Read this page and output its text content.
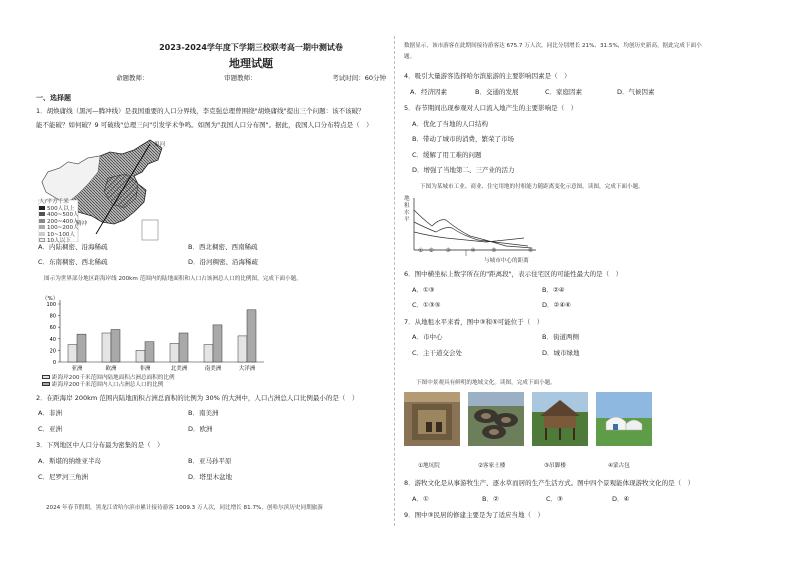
2023-2024学年度下学期三校联考高一期中测试卷
地理试题
命题教师：	审题教师：	考试时间：60分钟
一、选择题
1．胡焕庸线（黑河—腾冲线）是我国重要的人口分界线，李克强总理曾围绕"胡焕庸线"提出三个问题：该不该破？
能不能破？如何破？9 可破线"总理三问"引发学术争鸣。如图为"我国人口分布图"。据此，我国人口分布特点是（　）
人/平方千米
500人以上
400~500人
200~400人
100~200人
10~100人
10人以下
黑河
腾冲
A．内陆稠密、沿海稀疏	B．西北稠密、西南稀疏
C．东南稠密、西北稀疏	D．沿河稠密、沿海稀疏
图示为世界部分地区距海岸线 200km 范围内的陆地面积和人口占该洲总人口的比例图，完成下面小题。
（%）
0
20
40
60
80
100
亚洲	欧洲	非洲	北美洲	南美洲	大洋洲
距海岸200千米范围内陆地面积占洲总面积的比例
距海岸200千米范围内人口占洲总人口的比例
2．在距海岸 200km 范围内陆地面积占洲总面积的比例为 30% 的大洲中，人口占洲总人口比例最小的是（　）
A．非洲	B．南美洲
C．亚洲	D．欧洲
3．下列地区中人口分布最为密集的是（　）
A．斯堪的纳维亚半岛	B．亚马孙平原
C．尼罗河三角洲	D．塔里木盆地
2024 年春节假期，黑龙江省哈尔滨市累计接待游客 1009.3 万人次，同比增长 81.7%，创哈尔滨历史同期旅游
数据显示，该市游客在此期间接待游客达 675.7 万人次，同比分别增长 21%、31.5%，均创历史新高。据此完成下面小
题。
4．吸引大量游客选择哈尔滨旅游的主要影响因素是（　）
A．经济因素	B．交通的发展	C．家庭因素	D．气候因素
5．春节期间出现参观对人口流入地产生的主要影响是（　）
A．优化了当地的人口结构
B．带动了城市的消费，繁荣了市场
C．缓解了用工难的问题
D．增强了当地第二、三产业的活力
下图为某城市工业、商业、住宅用地的付租能力随距离变化示意图。读图，完成下面小题。
地租水平
① ② ③	④	⑤	⑥
与城市中心的距离
6．图中横坐标上数字所在的"距离段"，表示住宅区的可能性最大的是（　）
A．①③	B．②④
C．①③⑤	D．②④⑥
7．从地租水平来看，图中③和⑤可能位于（　）
A．市中心	B．街道两侧
C．主干道交会处	D．城市绿地
下图中景观具有鲜明的地域文化。读图，完成下面小题。
①地坑院	②客家土楼	③吊脚楼	④蒙古包
8．游牧文化是从事游牧生产、逐水草而居的生产生活方式。图中四个景观能体现游牧文化的是（　）
A．①	B．②	C．③	D．④
9．图中③民居的修建主要是为了适应当地（　）
